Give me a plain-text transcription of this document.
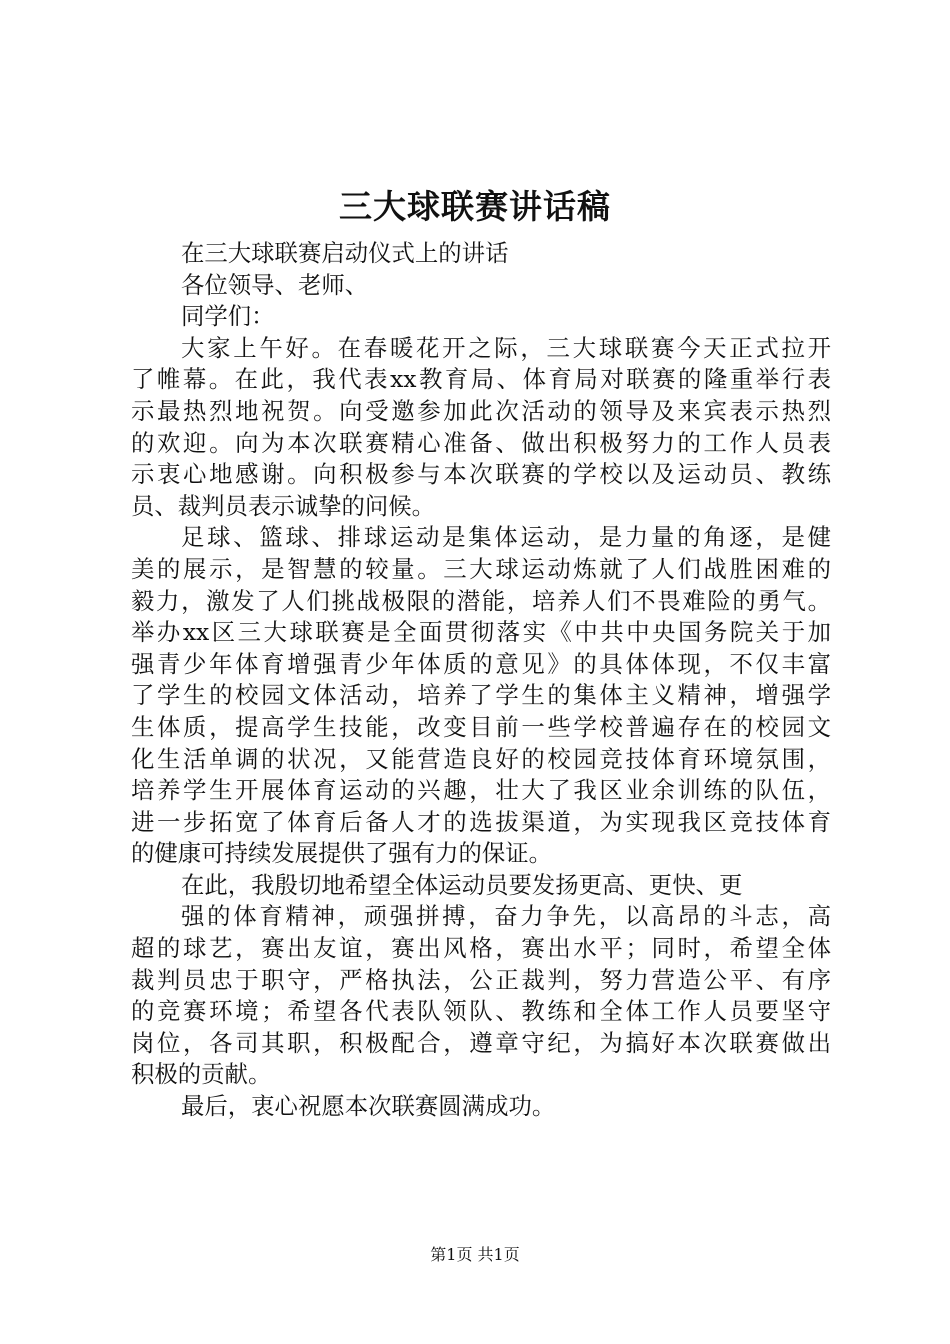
三大球联赛讲话稿
在三大球联赛启动仪式上的讲话
各位领导、老师、
同学们：
大家上午好。在春暖花开之际，三大球联赛今天正式拉开
了帷幕。在此，我代表xx教育局、体育局对联赛的隆重举行表
示最热烈地祝贺。向受邀参加此次活动的领导及来宾表示热烈
的欢迎。向为本次联赛精心准备、做出积极努力的工作人员表
示衷心地感谢。向积极参与本次联赛的学校以及运动员、教练
员、裁判员表示诚挚的问候。
足球、篮球、排球运动是集体运动，是力量的角逐，是健
美的展示，是智慧的较量。三大球运动炼就了人们战胜困难的
毅力，激发了人们挑战极限的潜能，培养人们不畏难险的勇气。
举办xx区三大球联赛是全面贯彻落实《中共中央国务院关于加
强青少年体育增强青少年体质的意见》的具体体现，不仅丰富
了学生的校园文体活动，培养了学生的集体主义精神，增强学
生体质，提高学生技能，改变目前一些学校普遍存在的校园文
化生活单调的状况，又能营造良好的校园竞技体育环境氛围，
培养学生开展体育运动的兴趣，壮大了我区业余训练的队伍，
进一步拓宽了体育后备人才的选拔渠道，为实现我区竞技体育
的健康可持续发展提供了强有力的保证。
在此，我殷切地希望全体运动员要发扬更高、更快、更
强的体育精神，顽强拼搏，奋力争先，以高昂的斗志，高
超的球艺，赛出友谊，赛出风格，赛出水平；同时，希望全体
裁判员忠于职守，严格执法，公正裁判，努力营造公平、有序
的竞赛环境；希望各代表队领队、教练和全体工作人员要坚守
岗位，各司其职，积极配合，遵章守纪，为搞好本次联赛做出
积极的贡献。
最后，衷心祝愿本次联赛圆满成功。
第1页 共1页
